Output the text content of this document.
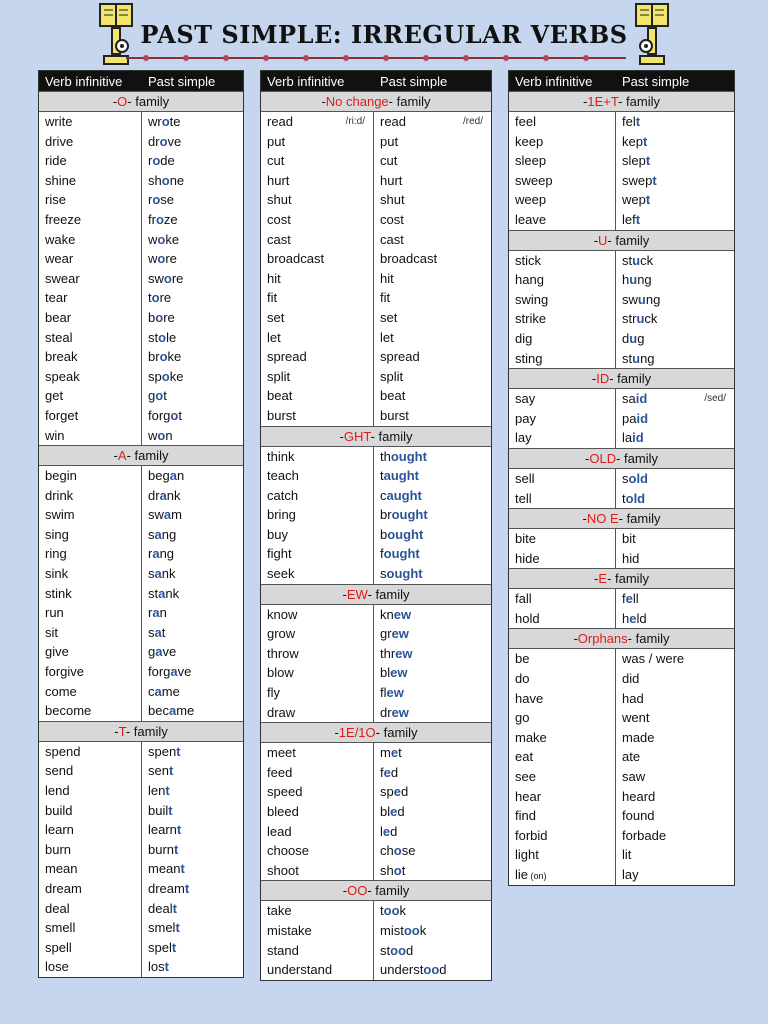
PAST SIMPLE: IRREGULAR VERBS
Verb infinitive	Past simple
-O- family
write	wrote
drive	drove
ride	rode
shine	shone
rise	rose
freeze	froze
wake	woke
wear	wore
swear	swore
tear	tore
bear	bore
steal	stole
break	broke
speak	spoke
get	got
forget	forgot
win	won
-A- family
begin	began
drink	drank
swim	swam
sing	sang
ring	rang
sink	sank
stink	stank
run	ran
sit	sat
give	gave
forgive	forgave
come	came
become	became
-T- family
spend	spent
send	sent
lend	lent
build	built
learn	learnt
burn	burnt
mean	meant
dream	dreamt
deal	dealt
smell	smelt
spell	spelt
lose	lost
Verb infinitive	Past simple
-No change- family
read	/ri:d/	read	/red/
put	put
cut	cut
hurt	hurt
shut	shut
cost	cost
cast	cast
broadcast	broadcast
hit	hit
fit	fit
set	set
let	let
spread	spread
split	split
beat	beat
burst	burst
-GHT- family
think	thought
teach	taught
catch	caught
bring	brought
buy	bought
fight	fought
seek	sought
-EW- family
know	knew
grow	grew
throw	threw
blow	blew
fly	flew
draw	drew
-1E/1O- family
meet	met
feed	fed
speed	sped
bleed	bled
lead	led
choose	chose
shoot	shot
-OO- family
take	took
mistake	mistook
stand	stood
understand	understood
Verb infinitive	Past simple
-1E+T- family
feel	felt
keep	kept
sleep	slept
sweep	swept
weep	wept
leave	left
-U- family
stick	stuck
hang	hung
swing	swung
strike	struck
dig	dug
sting	stung
-ID- family
say	said	/sed/
pay	paid
lay	laid
-OLD- family
sell	sold
tell	told
-NO E- family
bite	bit
hide	hid
-E- family
fall	fell
hold	held
-Orphans- family
be	was / were
do	did
have	had
go	went
make	made
eat	ate
see	saw
hear	heard
find	found
forbid	forbade
light	lit
lie (on)	lay
